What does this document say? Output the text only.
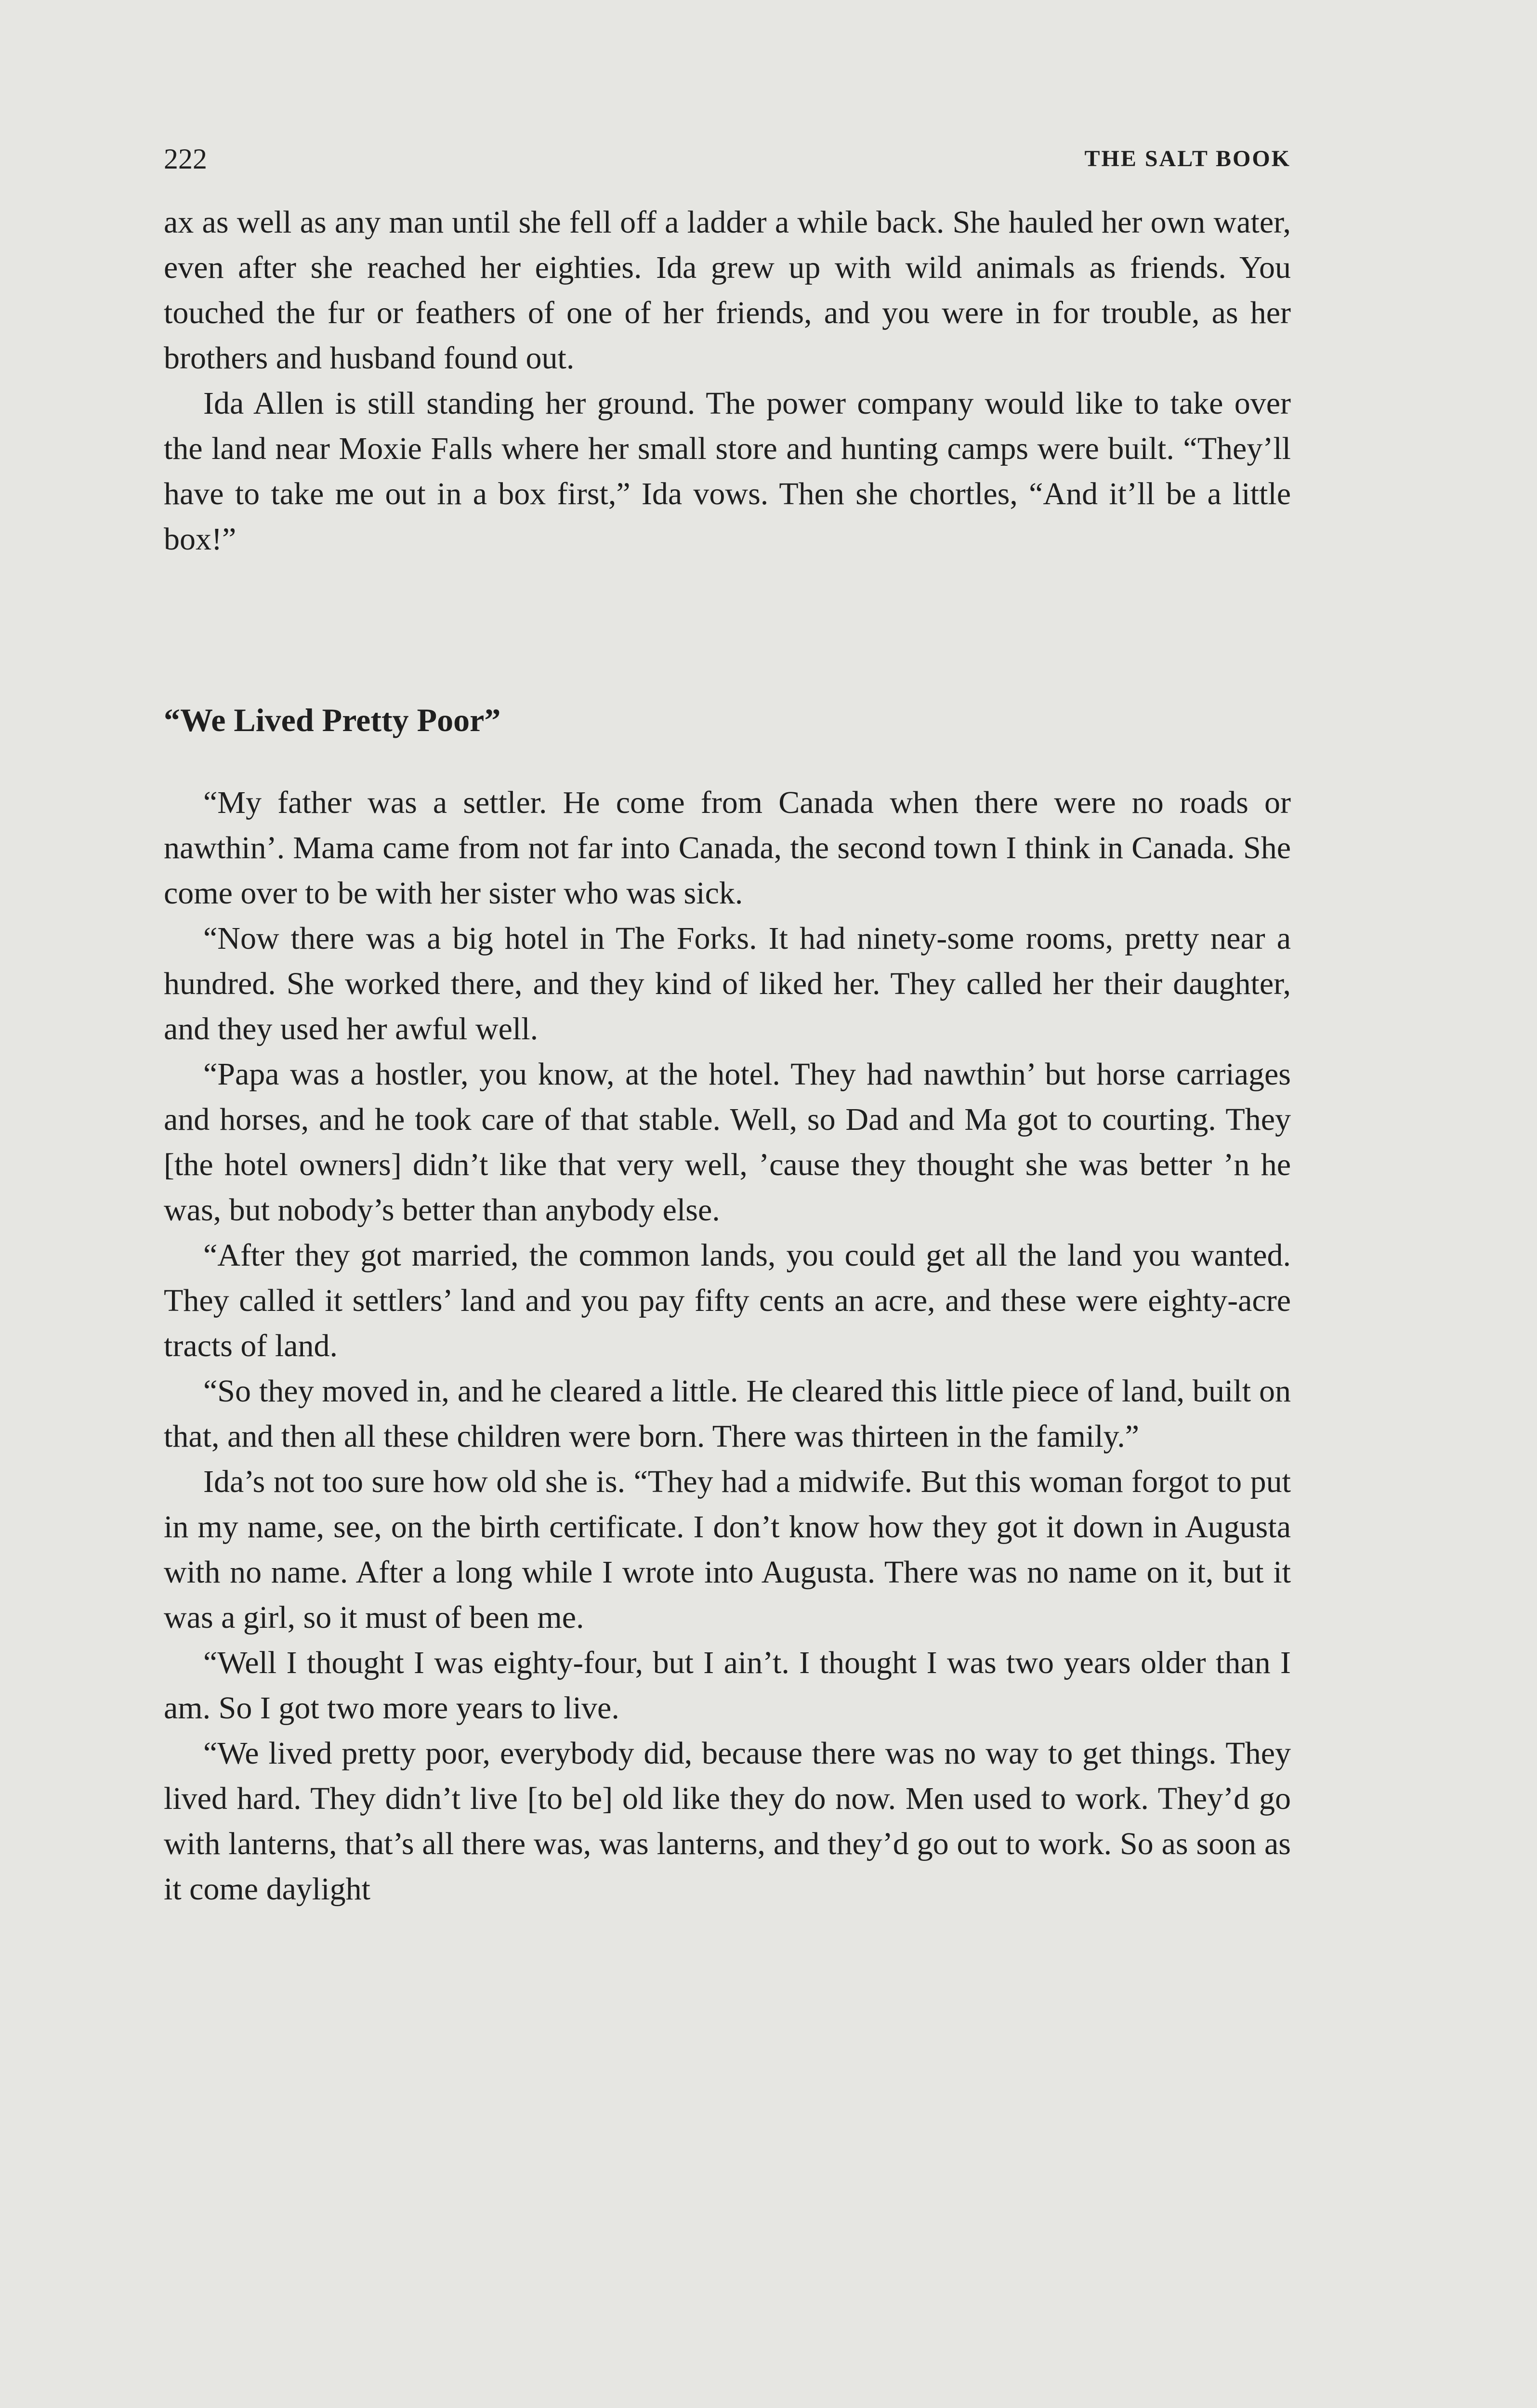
222	THE SALT BOOK

ax as well as any man until she fell off a ladder a while back. She hauled her own water, even after she reached her eighties. Ida grew up with wild animals as friends. You touched the fur or feathers of one of her friends, and you were in for trouble, as her brothers and husband found out.

Ida Allen is still standing her ground. The power company would like to take over the land near Moxie Falls where her small store and hunting camps were built. “They’ll have to take me out in a box first,” Ida vows. Then she chortles, “And it’ll be a little box!”

“We Lived Pretty Poor”

“My father was a settler. He come from Canada when there were no roads or nawthin’. Mama came from not far into Canada, the second town I think in Canada. She come over to be with her sister who was sick.

“Now there was a big hotel in The Forks. It had ninety-some rooms, pretty near a hundred. She worked there, and they kind of liked her. They called her their daughter, and they used her awful well.

“Papa was a hostler, you know, at the hotel. They had nawthin’ but horse carriages and horses, and he took care of that stable. Well, so Dad and Ma got to courting. They [the hotel owners] didn’t like that very well, ’cause they thought she was better ’n he was, but nobody’s better than anybody else.

“After they got married, the common lands, you could get all the land you wanted. They called it settlers’ land and you pay fifty cents an acre, and these were eighty-acre tracts of land.

“So they moved in, and he cleared a little. He cleared this little piece of land, built on that, and then all these children were born. There was thirteen in the family.”

Ida’s not too sure how old she is. “They had a midwife. But this woman forgot to put in my name, see, on the birth certificate. I don’t know how they got it down in Augusta with no name. After a long while I wrote into Augusta. There was no name on it, but it was a girl, so it must of been me.

“Well I thought I was eighty-four, but I ain’t. I thought I was two years older than I am. So I got two more years to live.

“We lived pretty poor, everybody did, because there was no way to get things. They lived hard. They didn’t live [to be] old like they do now. Men used to work. They’d go with lanterns, that’s all there was, was lanterns, and they’d go out to work. So as soon as it come daylight
